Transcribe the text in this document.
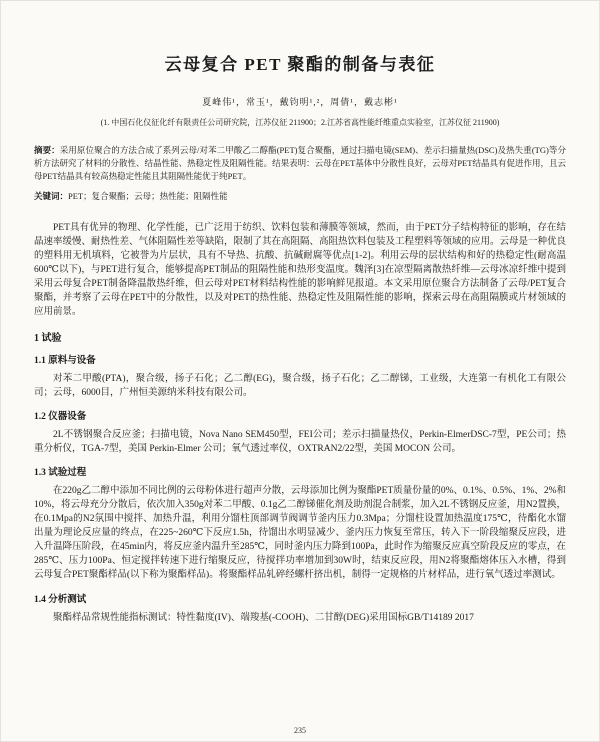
云母复合 PET 聚酯的制备与表征
夏峰伟¹，常玉¹，戴钧明¹,²，周倩¹，戴志彬¹
(1. 中国石化仪征化纤有限责任公司研究院，江苏仪征 211900；2.江苏省高性能纤维重点实验室，江苏仪征 211900)

摘要：采用原位聚合的方法合成了系列云母/对苯二甲酸乙二醇酯(PET)复合聚酯，通过扫描电镜(SEM)、差示扫描量热(DSC)及热失重(TG)等分析方法研究了材料的分散性、结晶性能、热稳定性及阻隔性能。结果表明：云母在PET基体中分散性良好，云母对PET结晶具有促进作用，且云母PET结晶具有较高热稳定性能且其阻隔性能优于纯PET。

关键词：PET；复合聚酯；云母；热性能；阻隔性能

PET具有优异的物理、化学性能，已广泛用于纺织、饮料包装和薄膜等领域，然而，由于PET分子结构特征的影响，存在结晶速率缓慢、耐热性差、气体阻隔性差等缺陷，限制了其在高阻隔、高阻热饮料包装及工程塑料等领域的应用。云母是一种优良的塑料用无机填料，它被誉为片层状，具有不导热、抗酸、抗碱耐腐等优点[1-2]。利用云母的层状结构和好的热稳定性(耐高温600℃以下)，与PET进行复合，能够提高PET制品的阻隔性能和热形变温度。魏泽[3]在凉型隔离散热纤维—云母冰凉纤维中提到采用云母复合PET制备降温散热纤维，但云母对PET材料结构性能的影响鲜见报道。本文采用原位聚合方法制备了云母/PET复合聚酯，并考察了云母在PET中的分散性，以及对PET的热性能、热稳定性及阻隔性能的影响，探索云母在高阻隔膜或片材领域的应用前景。

1 试验
1.1 原料与设备

对苯二甲酸(PTA)，聚合级，扬子石化；乙二醇(EG)，聚合级，扬子石化；乙二醇锑，工业级，大连第一有机化工有限公司；云母，6000目，广州恒美源纳米科技有限公司。

1.2 仪器设备

2L不锈钢聚合反应釜；扫描电镜，Nova Nano SEM450型，FEI公司；差示扫描量热仪，Perkin-ElmerDSC-7型，PE公司；热重分析仪，TGA-7型，美国 Perkin-Elmer 公司；氧气透过率仪，OXTRAN2/22型，美国 MOCON 公司。

1.3 试验过程

在220g乙二醇中添加不同比例的云母粉体进行超声分散，云母添加比例为聚酯PET质量份量的0%、0.1%、0.5%、1%、2%和10%，将云母充分分散后，依次加入350g对苯二甲酸、0.1g乙二醇锑催化剂及助剂混合制浆，加入2L不锈钢反应釜，用N2置换，在0.1Mpa的N2氛围中搅拌、加热升温，利用分馏柱顶部调节阀调节釜内压力0.3Mpa；分馏柱设置加热温度175℃，待酯化水馏出量为理论反应量的终点，在225~260℃下反应1.5h，待馏出水明显减少、釜内压力恢复至常压，转入下一阶段缩聚反应段，进入升温降压阶段，在45min内，将反应釜内温升至285℃，同时釜内压力降到100Pa，此时作为缩聚反应真空阶段反应的零点，在285℃、压力100Pa、恒定搅拌转速下进行缩聚反应，待搅拌功率增加到30W时，结束反应段，用N2将聚酯熔体压入水槽，得到云母复合PET聚酯样品(以下称为聚酯样品)。将聚酯样品轧碎经螺杆挤出机，制得一定规格的片材样品，进行氧气透过率测试。

1.4 分析测试

聚酯样品常规性能指标测试：特性黏度(IV)、端羧基(-COOH)、二甘醇(DEG)采用国标GB/T14189 2017

235
